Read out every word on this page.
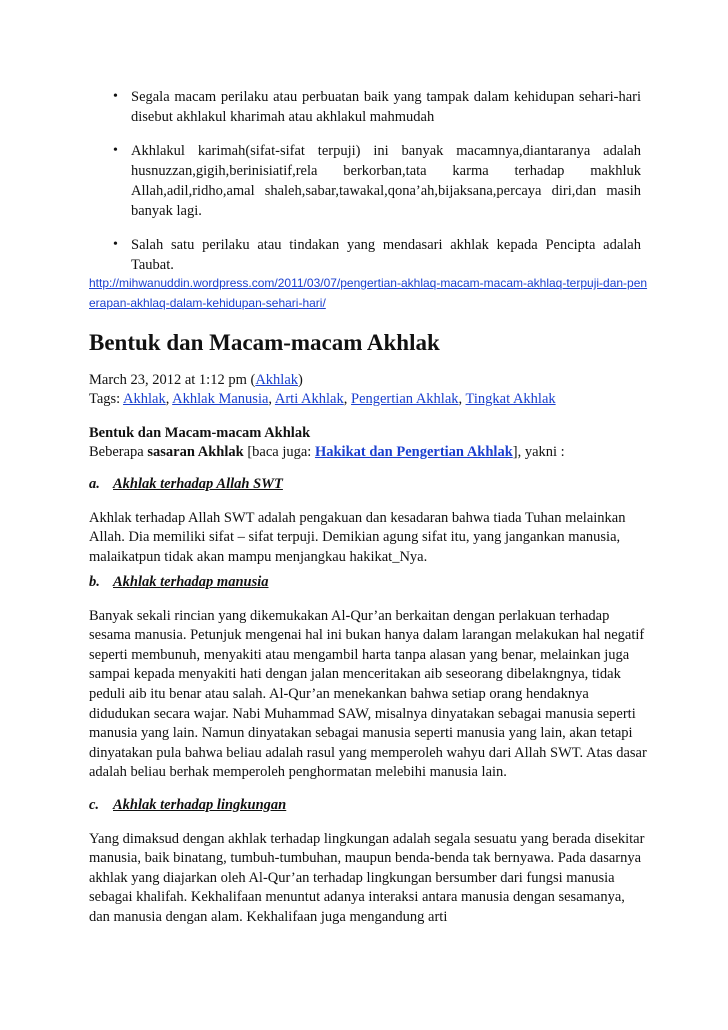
• Segala macam perilaku atau perbuatan baik yang tampak dalam kehidupan sehari-hari disebut akhlakul kharimah atau akhlakul mahmudah
• Akhlakul karimah(sifat-sifat terpuji) ini banyak macamnya,diantaranya adalah husnuzzan,gigih,berinisiatif,rela berkorban,tata karma terhadap makhluk Allah,adil,ridho,amal shaleh,sabar,tawakal,qona’ah,bijaksana,percaya diri,dan masih banyak lagi.
• Salah satu perilaku atau tindakan yang mendasari akhlak kepada Pencipta adalah Taubat.
http://mihwanuddin.wordpress.com/2011/03/07/pengertian-akhlaq-macam-macam-akhlaq-terpuji-dan-penerapan-akhlaq-dalam-kehidupan-sehari-hari/
Bentuk dan Macam-macam Akhlak
March 23, 2012 at 1:12 pm (Akhlak)
Tags: Akhlak, Akhlak Manusia, Arti Akhlak, Pengertian Akhlak, Tingkat Akhlak
Bentuk dan Macam-macam Akhlak
Beberapa sasaran Akhlak [baca juga: Hakikat dan Pengertian Akhlak], yakni :
a. Akhlak terhadap Allah SWT

Akhlak terhadap Allah SWT adalah pengakuan dan kesadaran bahwa tiada Tuhan melainkan Allah. Dia memiliki sifat – sifat terpuji. Demikian agung sifat itu, yang jangankan manusia, malaikatpun tidak akan mampu menjangkau hakikat_Nya.

b. Akhlak terhadap manusia

Banyak sekali rincian yang dikemukakan Al-Qur’an berkaitan dengan perlakuan terhadap sesama manusia. Petunjuk mengenai hal ini bukan hanya dalam larangan melakukan hal negatif seperti membunuh, menyakiti atau mengambil harta tanpa alasan yang benar, melainkan juga sampai kepada menyakiti hati dengan jalan menceritakan aib seseorang dibelakngnya, tidak peduli aib itu benar atau salah. Al-Qur’an menekankan bahwa setiap orang hendaknya didudukan secara wajar. Nabi Muhammad SAW, misalnya dinyatakan sebagai manusia seperti manusia yang lain. Namun dinyatakan sebagai manusia seperti manusia yang lain, akan tetapi dinyatakan pula bahwa beliau adalah rasul yang memperoleh wahyu dari Allah SWT. Atas dasar adalah beliau berhak memperoleh penghormatan melebihi manusia lain.

c. Akhlak terhadap lingkungan

Yang dimaksud dengan akhlak terhadap lingkungan adalah segala sesuatu yang berada disekitar manusia, baik binatang, tumbuh-tumbuhan, maupun benda-benda tak bernyawa. Pada dasarnya akhlak yang diajarkan oleh Al-Qur’an terhadap lingkungan bersumber dari fungsi manusia sebagai khalifah. Kekhalifaan menuntut adanya interaksi antara manusia dengan sesamanya, dan manusia dengan alam. Kekhalifaan juga mengandung arti
